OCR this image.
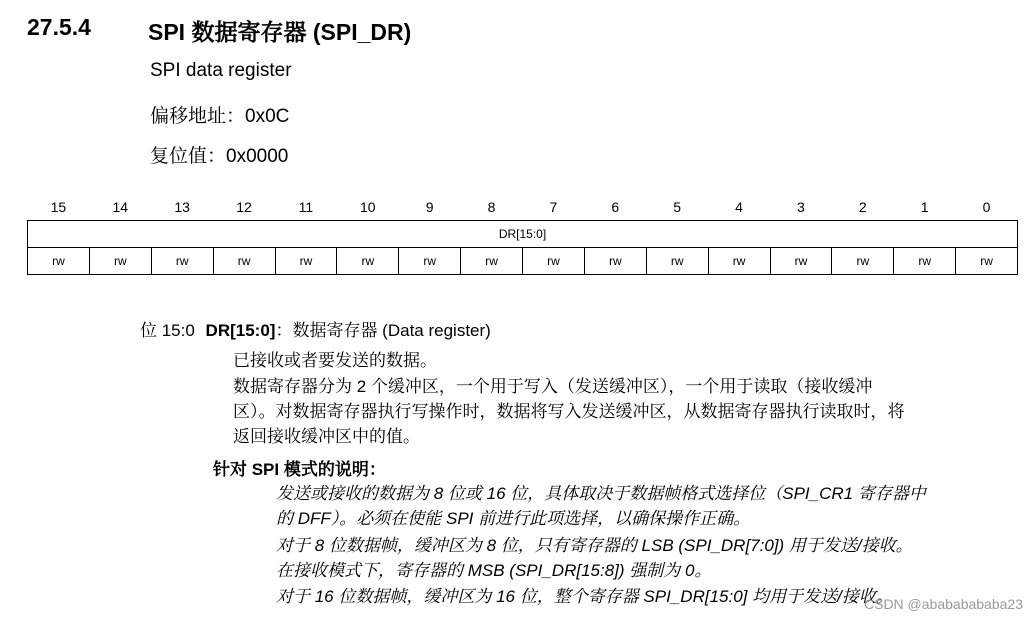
27.5.4 SPI 数据寄存器 (SPI_DR)
SPI data register
偏移地址：0x0C
复位值：0x0000
15	14	13	12	11	10	9	8	7	6	5	4	3	2	1	0
DR[15:0]															
rw	rw	rw	rw	rw	rw	rw	rw	rw	rw	rw	rw	rw	rw	rw	rw
位 15:0 DR[15:0]：数据寄存器 (Data register)
已接收或者要发送的数据。
数据寄存器分为 2 个缓冲区，一个用于写入（发送缓冲区），一个用于读取（接收缓冲
区）。对数据寄存器执行写操作时，数据将写入发送缓冲区，从数据寄存器执行读取时，将
返回接收缓冲区中的值。
针对 SPI 模式的说明：
发送或接收的数据为 8 位或 16 位，具体取决于数据帧格式选择位（SPI_CR1 寄存器中
的 DFF）。必须在使能 SPI 前进行此项选择，以确保操作正确。
对于 8 位数据帧，缓冲区为 8 位，只有寄存器的 LSB (SPI_DR[7:0]) 用于发送/接收。
在接收模式下，寄存器的 MSB (SPI_DR[15:8]) 强制为 0。
对于 16 位数据帧，缓冲区为 16 位，整个寄存器 SPI_DR[15:0] 均用于发送/接收。
CSDN @abababababa23
